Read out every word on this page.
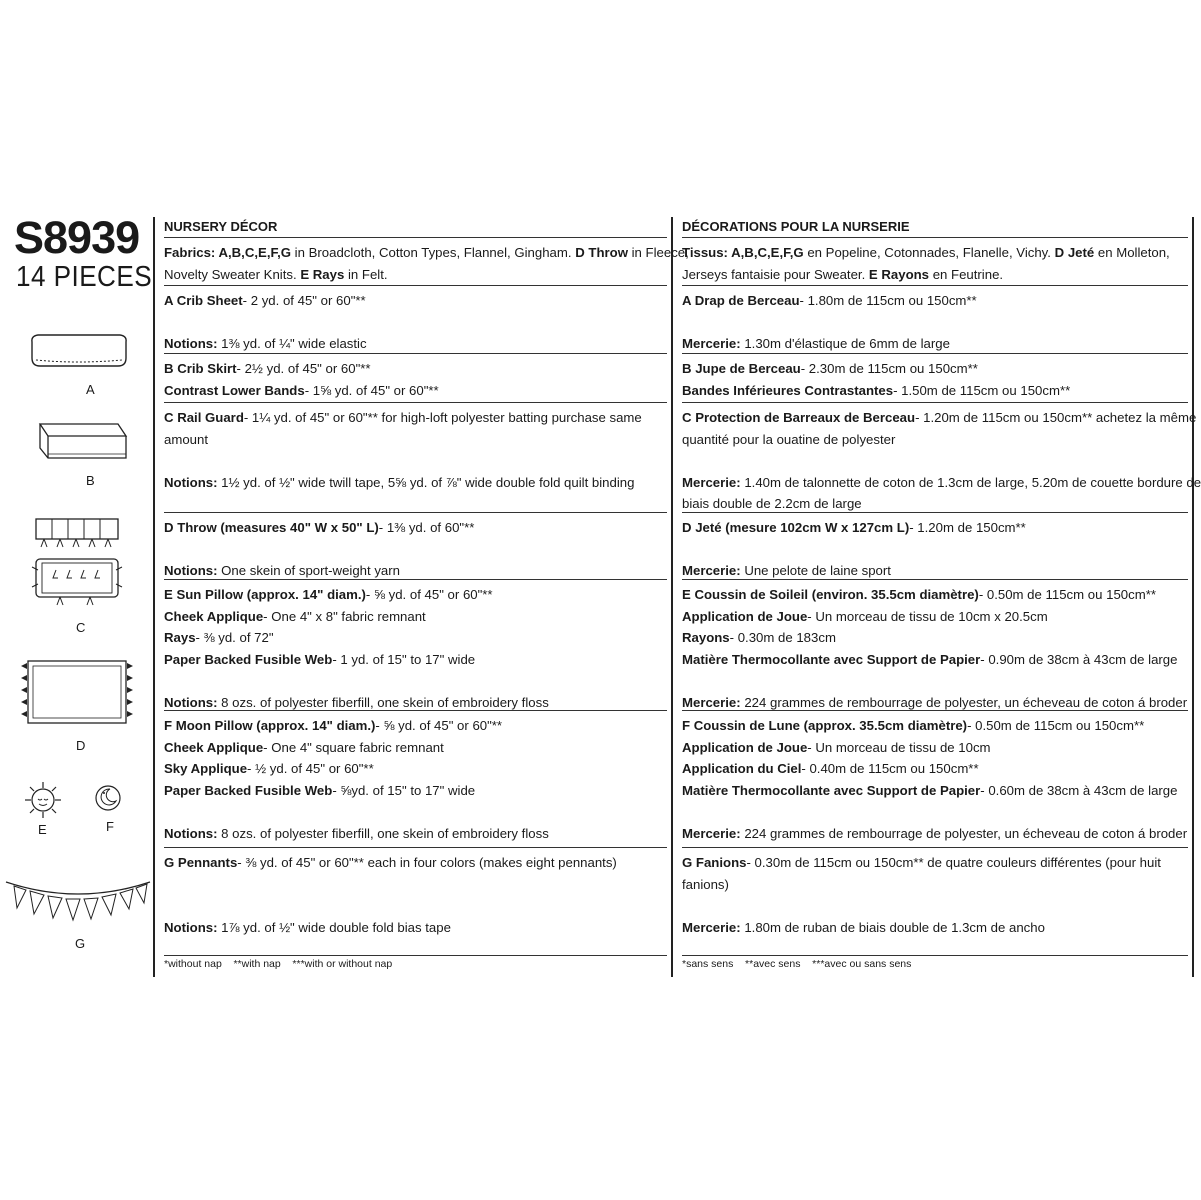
S8939
14 PIECES
A
B
C
D
E	F
G
NURSERY DÉCOR

Fabrics: A,B,C,E,F,G in Broadcloth, Cotton Types, Flannel, Gingham. D Throw in Fleece,

Novelty Sweater Knits. E Rays in Felt.

A Crib Sheet- 2 yd. of 45" or 60"**

Notions: 1⅜ yd. of ¼" wide elastic

B Crib Skirt- 2½ yd. of 45" or 60"**

Contrast Lower Bands- 1⅝ yd. of 45" or 60"**

C Rail Guard- 1¼ yd. of 45" or 60"** for high-loft polyester batting purchase same

amount

Notions: 1½ yd. of ½" wide twill tape, 5⅝ yd. of ⅞" wide double fold quilt binding

D Throw (measures 40" W x 50" L)- 1⅜ yd. of 60"**

Notions: One skein of sport-weight yarn

E Sun Pillow (approx. 14" diam.)- ⅝ yd. of 45" or 60"**

Cheek Applique- One 4" x 8" fabric remnant

Rays- ⅜ yd. of 72"

Paper Backed Fusible Web- 1 yd. of 15" to 17" wide

Notions: 8 ozs. of polyester fiberfill, one skein of embroidery floss

F Moon Pillow (approx. 14" diam.)- ⅝ yd. of 45" or 60"**

Cheek Applique- One 4" square fabric remnant

Sky Applique- ½ yd. of 45" or 60"**

Paper Backed Fusible Web- ⅝yd. of 15" to 17" wide

Notions: 8 ozs. of polyester fiberfill, one skein of embroidery floss

G Pennants- ⅜ yd. of 45" or 60"** each in four colors (makes eight pennants)

Notions: 1⅞ yd. of ½" wide double fold bias tape

*without nap    **with nap    ***with or without nap
DÉCORATIONS POUR LA NURSERIE

Tissus: A,B,C,E,F,G en Popeline, Cotonnades, Flanelle, Vichy. D Jeté en Molleton,

Jerseys fantaisie pour Sweater. E Rayons en Feutrine.

A Drap de Berceau- 1.80m de 115cm ou 150cm**

Mercerie: 1.30m d'élastique de 6mm de large

B Jupe de Berceau- 2.30m de 115cm ou 150cm**

Bandes Inférieures Contrastantes- 1.50m de 115cm ou 150cm**

C Protection de Barreaux de Berceau- 1.20m de 115cm ou 150cm** achetez la même

quantité pour la ouatine de polyester

Mercerie: 1.40m de talonnette de coton de 1.3cm de large, 5.20m de couette bordure de

biais double de 2.2cm de large

D Jeté (mesure 102cm W x 127cm L)- 1.20m de 150cm**

Mercerie: Une pelote de laine sport

E Coussin de Soileil (environ. 35.5cm diamètre)- 0.50m de 115cm ou 150cm**

Application de Joue- Un morceau de tissu de 10cm x 20.5cm

Rayons- 0.30m de 183cm

Matière Thermocollante avec Support de Papier- 0.90m de 38cm à 43cm de large

Mercerie: 224 grammes de rembourrage de polyester, un écheveau de coton á broder

F Coussin de Lune (approx. 35.5cm diamètre)- 0.50m de 115cm ou 150cm**

Application de Joue- Un morceau de tissu de 10cm

Application du Ciel- 0.40m de 115cm ou 150cm**

Matière Thermocollante avec Support de Papier- 0.60m de 38cm à 43cm de large

Mercerie: 224 grammes de rembourrage de polyester, un écheveau de coton á broder

G Fanions- 0.30m de 115cm ou 150cm** de quatre couleurs différentes (pour huit

fanions)

Mercerie: 1.80m de ruban de biais double de 1.3cm de ancho

*sans sens    **avec sens    ***avec ou sans sens
